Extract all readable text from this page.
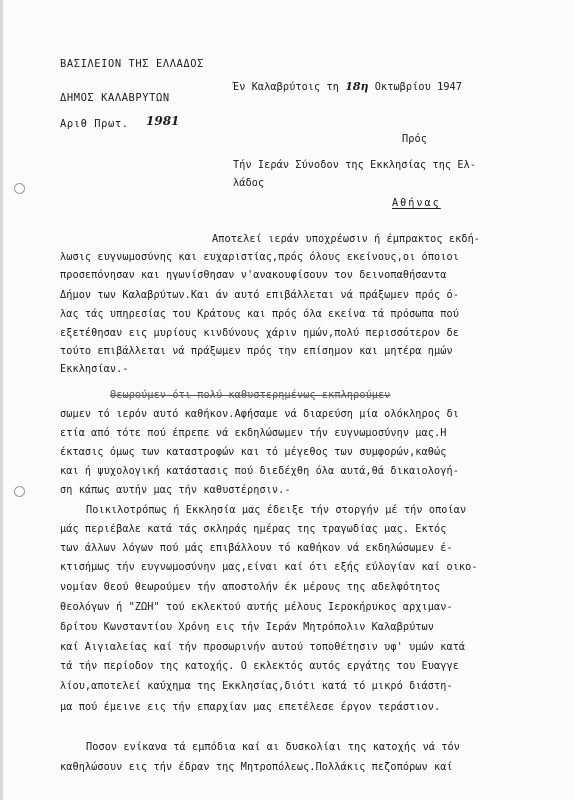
ΒΑΣΙΛΕΙΟΝ ΤΗΣ ΕΛΛΑΔΟΣ
ΔΗΜΟΣ ΚΑΛΑΒΡΥΤΩΝ
Αριθ Πρωτ. 1981
Έν Καλαβρύτοις τη 18η Οκτωβρίου 1947
Πρός
Τήν Ιεράν Σύνοδον της Εκκλησίας της Ελ-
λάδος
Αθήνας
Αποτελεί ιεράν υποχρέωσιν ή έμπρακτος εκδή-
λωσις ευγνωμοσύνης και ευχαριστίας,πρός όλους εκείνους,οι όποιοι
προσεπόνησαν και ηγωνίσθησαν ν'ανακουφίσουν τον δεινοπαθήσαντα
Δήμον των Καλαβρύτων.Και άν αυτό επιβάλλεται νά πράξωμεν πρός ό-
λας τάς υπηρεσίας του Κράτους και πρός όλα εκείνα τά πρόσωπα πού
εξετέθησαν εις μυρίους κινδύνους χάριν ημών,πολύ περισσότερον δε
τούτο επιβάλλεται νά πράξωμεν πρός την επίσημον και μητέρα ημών
Εκκλησίαν.-
Θεωρούμεν ότι πολύ καθυστερημένως εκπληρούμεν
σωμεν τό ιερόν αυτό καθήκον.Αφήσαμε νά διαρεύση μία ολόκληρος δι
ετία από τότε πού έπρεπε νά εκδηλώσωμεν τήν ευγνωμοσύνην μας.Η
έκτασις όμως των καταστροφών και τό μέγεθος των συμφορών,καθώς
και ή ψυχολογική κατάστασις πού διεδέχθη όλα αυτά,θά δικαιολογή-
ση κάπως αυτήν μας τήν καθυστέρησιν.-
Ποικιλοτρόπως ή Εκκλησία μας έδειξε τήν στοργήν μέ τήν οποίαν
μάς περιέβαλε κατά τάς σκληράς ημέρας της τραγωδίας μας. Εκτός
των άλλων λόγων πού μάς επιβάλλουν τό καθήκον νά εκδηλώσωμεν έ-
κτισήμως τήν ευγνωμοσύνην μας,είναι καί ότι εξής εύλογίαν καί οικο-
νομίαν Θεού θεωρούμεν τήν αποστολήν έκ μέρους της αδελφότητος
θεολόγων ή "ΖΩΗ" τού εκλεκτού αυτής μέλους Ιεροκήρυκος αρχιμαν-
δρίτου Κωνσταντίου Χρόνη εις τήν Ιεράν Μητρόπολιν Καλαβρύτων
καί Αιγιαλείας καί τήν προσωρινήν αυτού τοποθέτησιν υφ' υμών κατά
τά τήν περίοδον της κατοχής. Ο εκλεκτός αυτός εργάτης του Ευαγγε
λίου,αποτελεί καύχημα της Εκκλησίας,διότι κατά τό μικρό διάστη-
μα πού έμεινε εις τήν επαρχίαν μας επετέλεσε έργον τεράστιον.
Ποσον ενίκανα τά εμπόδια καί αι δυσκολίαι της κατοχής νά τόν
καθηλώσουν εις τήν έδραν της Μητροπόλεως.Πολλάκις πεζοπόρων καί
